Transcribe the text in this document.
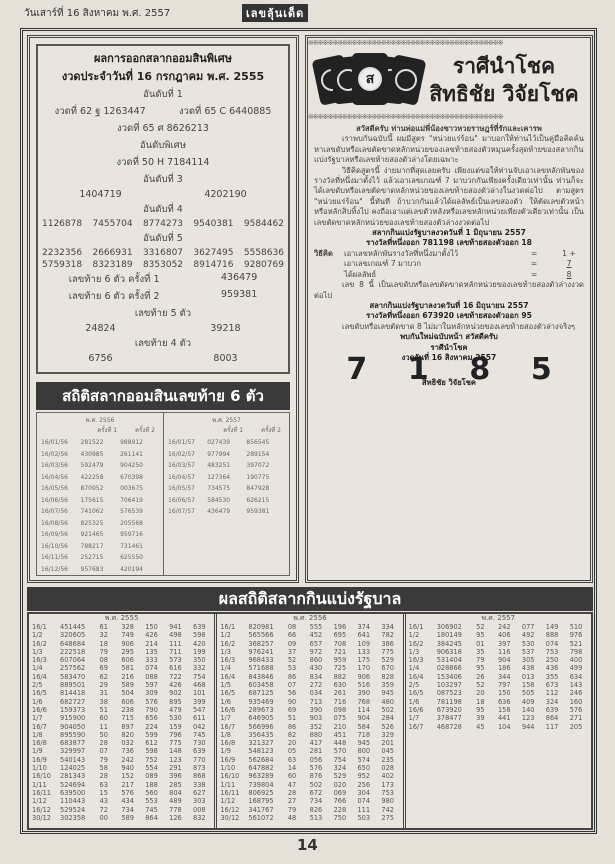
วันเสาร์ที่ 16 สิงหาคม พ.ศ. 2557	เลขลุ้นเด็ด
ผลการออกสลากออมสินพิเศษ
งวดประจำวันที่ 16 กรกฎาคม พ.ศ. 2555
อันดับที่ 1
งวดที่ 62 ฐ 1263447	งวดที่ 65 C 6440885
งวดที่ 65 ศ 8626213
อันดับพิเศษ
งวดที่ 50 H 7184114
อันดับที่ 3
1404719	4202190
อันดับที่ 4
1126878 7455704 8774273 9540381 9584462
อันดับที่ 5
2232356 2666931 3316807 3627495 5558636
5759318 8323189 8353052 8914716 9280769
เลขท้าย 6 ตัว ครั้งที่ 1	436479
เลขท้าย 6 ตัว ครั้งที่ 2	959381
เลขท้าย 5 ตัว
24824	39218
เลขท้าย 4 ตัว
6756	8003
สถิติสลากออมสินเลขท้าย 6 ตัว
พ.ศ. 2556
ครั้งที่ 1	ครั้งที่ 2
16/01/56	281522	988912
16/02/56	430985	261141
16/03/56	592479	904250
16/04/56	422258	670398
16/05/56	870952	003675
16/06/56	175615	706419
16/07/56	741062	576539
16/08/56	825325	205568
16/09/56	921465	959716
16/10/56	788217	731461
16/11/56	252715	625550
16/12/56	957683	420194
พ.ศ. 2557
ครั้งที่ 1	ครั้งที่ 2
16/01/57	027439	856545
16/02/57	977994	289154
16/03/57	483251	397072
16/04/57	127364	190775
16/05/57	734575	847928
16/06/57	584530	626215
16/07/57	436479	959381
❊❊❊❊❊❊❊❊❊❊❊❊❊❊❊❊❊❊❊❊❊❊❊❊❊❊❊❊❊❊❊❊❊❊❊❊❊❊❊❊
ส
ราศีนำโชค
สิทธิชัย วิจัยโชค
❊❊❊❊❊❊❊❊❊❊❊❊❊❊❊❊❊❊❊❊❊❊❊❊❊❊❊❊❊❊❊❊❊❊❊❊❊❊❊❊
สวัสดีครับ ท่านพ่อแม่พี่น้องชาวหวยราษฎร์ที่รักและเคารพ

เราพบกันฉบับนี้ ผมมีสูตร "หน่วยแร่ร้อน" มาบอกให้ท่านไว้เป็นคู่มือคิดค้นหาเลขดับหรือเลขตัดขาดหลักหน่วยของเลขท้ายสองตัวหมุนครั้งสุดท้ายของสลากกินแบ่งรัฐบาลหรือเลขท้ายสองตัวล่างโดยเฉพาะ

วิธีคิดสูตรนี้ ง่ายมากที่สุดเลยครับ เพียงแต่ขอให้ท่านจับเอาเลขหลักพันของรางวัลที่หนึ่งมาตั้งไว้ แล้วเอาเลขเกณฑ์ 7 มาบวกกันเพียงครั้งเดียวเท่านั้น ท่านก็จะได้เลขดับหรือเลขตัดขาดหลักหน่วยของเลขท้ายสองตัวล่างในงวดต่อไป ตามสูตร "หน่วยแร่ร้อน" นี้ทันที ถ้าบวกกันแล้วได้ผลลัพธ์เป็นเลขสองตัว ให้ตัดเลขตัวหน้าหรือหลักสิบทิ้งไป คงถือเอาแต่เลขตัวหลังหรือเลขหลักหน่วยเพียงตัวเดียวเท่านั้น เป็นเลขตัดขาดหลักหน่วยของเลขท้ายสองตัวล่างงวดต่อไป

สลากกินแบ่งรัฐบาลงวดวันที่ 1 มิถุนายน 2557
รางวัลที่หนึ่งออก 781198 เลขท้ายสองตัวออก 18
วิธีคิด	เอาเลขหลักพันรางวัลที่หนึ่งมาตั้งไว้	=	1 +
เอาเลขเกณฑ์ 7 มาบวก	=	7
ได้ผลลัพธ์	=	8

เลข 8 นี้ เป็นเลขดับหรือเลขตัดขาดหลักหน่วยของเลขท้ายสองตัวล่างงวดต่อไป

สลากกินแบ่งรัฐบาลงวดวันที่ 16 มิถุนายน 2557
รางวัลที่หนึ่งออก 673920 เลขท้ายสองตัวออก 95

เลขดับหรือเลขตัดขาด 8 ไม่มาในหลักหน่วยของเลขท้ายสองตัวล่างจริงๆ

พบกันใหม่ฉบับหน้า สวัสดีครับ
ราศีนำโชค
งวดวันที่ 16 สิงหาคม 2557
7 1 8 5
สิทธิชัย วิจัยโชค
ผลสถิติสลากกินแบ่งรัฐบาล
พ.ศ. 2555
16/1	451445	61	328	150	941	639
1/2	320605	32	749	426	498	598
16/2	648684	18	906	214	111	420
1/3	222518	79	295	135	711	199
16/3	607064	08	606	333	573	350
1/4	257562	69	581	074	616	332
16/4	583470	62	216	088	722	754
2/5	889501	29	589	597	426	468
16/5	814418	31	504	309	902	101
1/6	682727	38	606	576	895	399
16/6	159373	51	238	790	479	547
1/7	915900	60	715	656	530	611
16/7	904050	11	897	224	159	042
1/8	895590	50	820	599	796	745
16/8	683877	28	032	612	775	730
1/9	329997	07	736	598	148	639
16/9	540143	79	242	752	123	770
1/10	124025	58	940	554	291	873
16/10	281343	28	152	089	396	868
1/11	524694	63	217	188	285	338
16/11	639500	15	576	560	804	627
1/12	110443	43	434	553	489	303
16/12	529524	72	734	745	778	008
30/12	302358	00	589	864	126	832
พ.ศ. 2556
16/1	820981	08	555	196	374	334
1/2	565566	66	452	695	641	782
16/2	368257	09	657	708	109	386
1/3	976241	37	972	721	133	775
16/3	968433	52	860	959	175	529
1/4	571688	53	430	725	170	670
16/4	843846	86	834	882	906	828
1/5	603458	07	272	630	516	359
16/5	687125	56	034	261	390	945
1/6	935469	90	713	716	768	480
16/6	289673	69	390	098	114	502
1/7	646905	51	903	075	904	284
16/7	566996	86	352	210	584	526
1/8	356435	82	880	451	718	329
16/8	321327	20	417	448	945	201
1/9	548123	05	281	570	800	045
16/9	562684	63	056	754	574	235
1/10	647882	14	576	324	650	028
16/10	963289	60	876	529	952	402
1/11	739804	47	502	020	256	173
16/11	806925	28	672	069	304	753
1/12	168795	27	734	766	074	980
16/12	341767	79	826	228	111	742
30/12	561072	48	513	750	503	275
พ.ศ. 2557
16/1	306902	52	242	077	149	510
1/2	180149	95	406	492	888	976
16/2	384245	01	397	530	074	521
1/3	906318	35	116	537	753	798
16/3	531404	79	904	305	250	400
1/4	028866	95	186	438	436	499
16/4	153406	26	344	013	355	634
2/5	103297	52	797	158	673	143
16/5	087523	20	150	505	112	246
1/6	781198	18	636	409	324	160
16/6	673920	95	158	140	639	576
1/7	378477	39	441	123	864	271
16/7	468728	45	104	944	117	205
14
